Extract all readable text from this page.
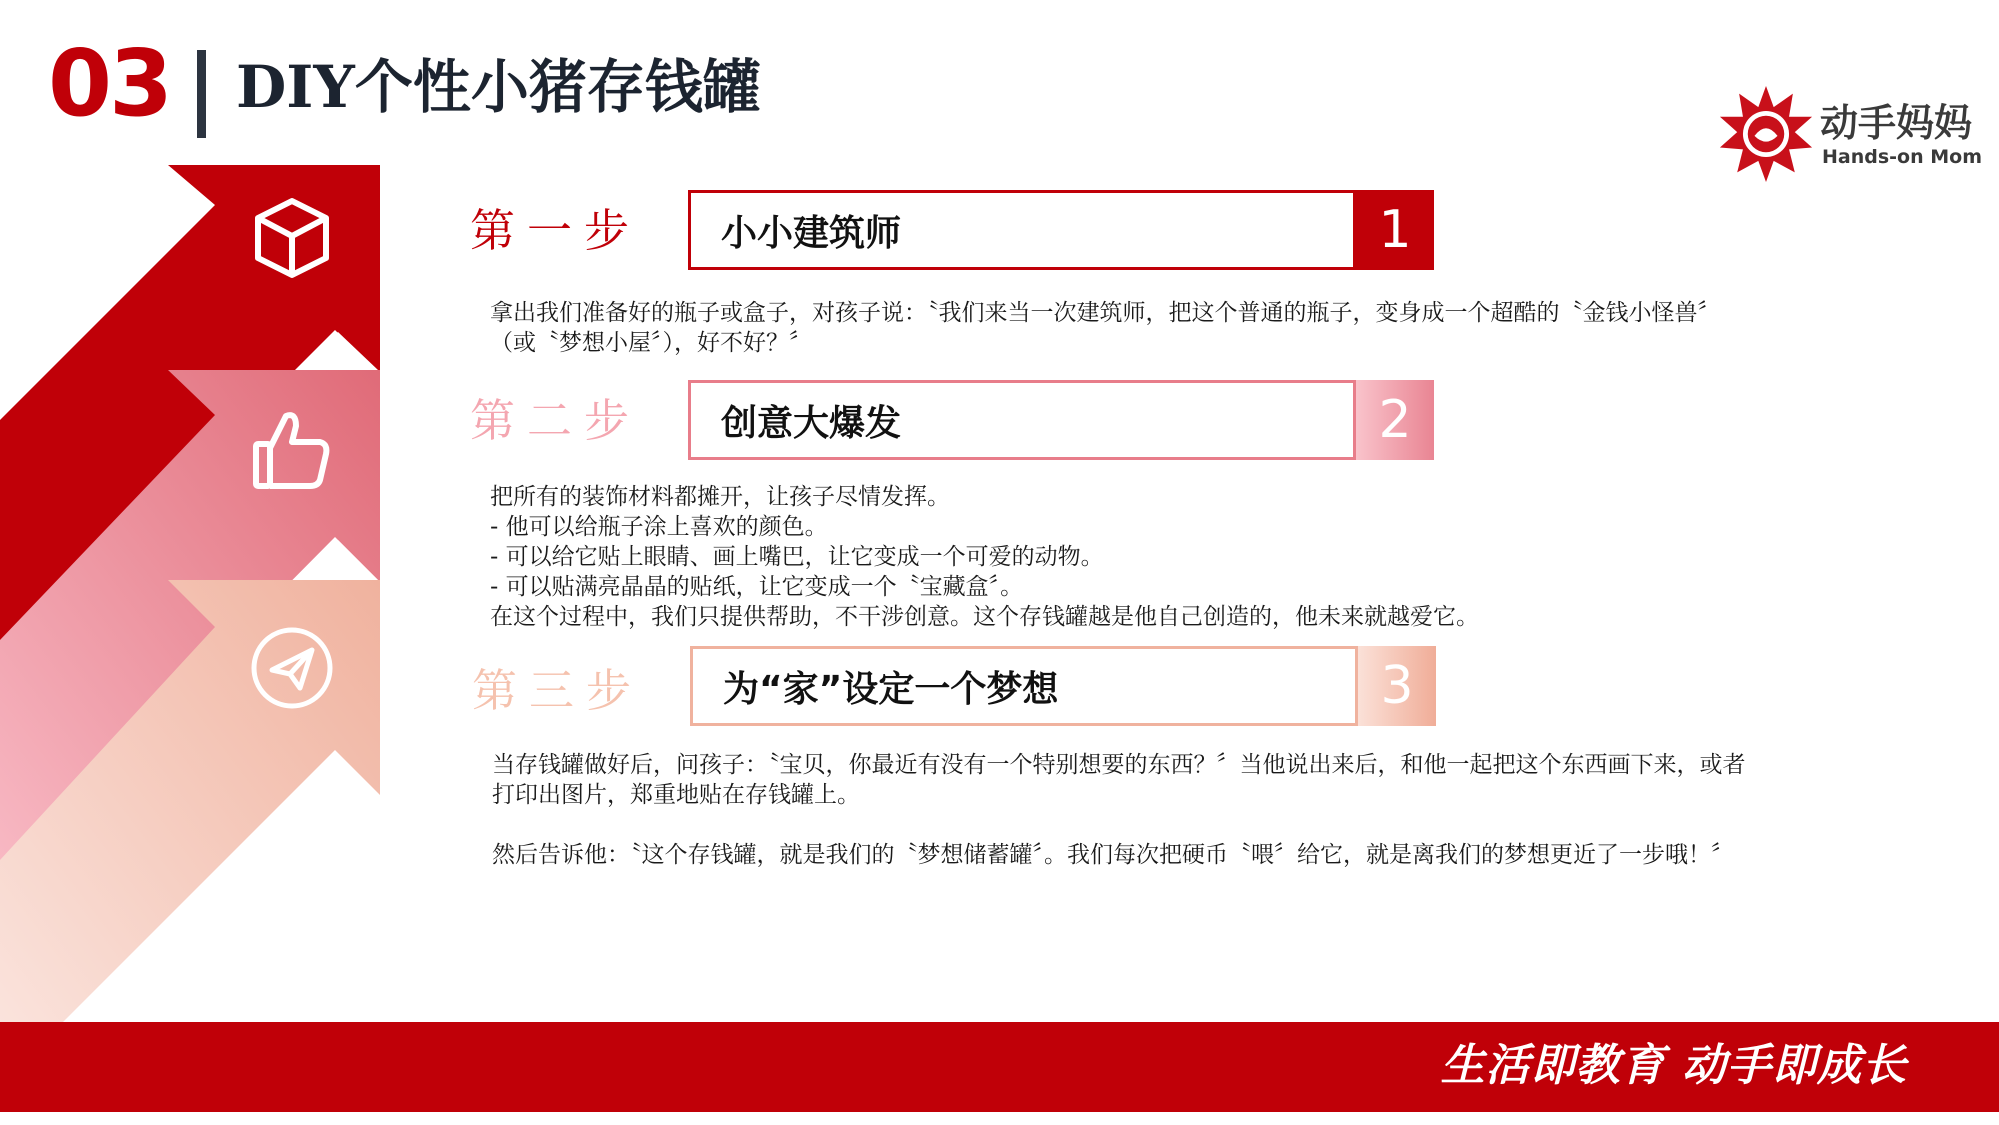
03 DIY个性小猪存钱罐
动手妈妈
Hands-on Mom
第一步 小小建筑师	1
拿出我们准备好的瓶子或盒子，对孩子说：〝我们来当一次建筑师，把这个普通的瓶子，变身成一个超酷的〝金钱小怪兽〞
（或〝梦想小屋〞），好不好？〞
第二步 创意大爆发	2
把所有的装饰材料都摊开，让孩子尽情发挥。
- 他可以给瓶子涂上喜欢的颜色。
- 可以给它贴上眼睛、画上嘴巴，让它变成一个可爱的动物。
- 可以贴满亮晶晶的贴纸，让它变成一个〝宝藏盒〞。
在这个过程中，我们只提供帮助，不干涉创意。这个存钱罐越是他自己创造的，他未来就越爱它。
第三步 为“家”设定一个梦想	3
当存钱罐做好后，问孩子：〝宝贝，你最近有没有一个特别想要的东西？〞当他说出来后，和他一起把这个东西画下来，或者
打印出图片，郑重地贴在存钱罐上。
然后告诉他：〝这个存钱罐，就是我们的〝梦想储蓄罐〞。我们每次把硬币〝喂〞给它，就是离我们的梦想更近了一步哦！〞
生活即教育 动手即成长
